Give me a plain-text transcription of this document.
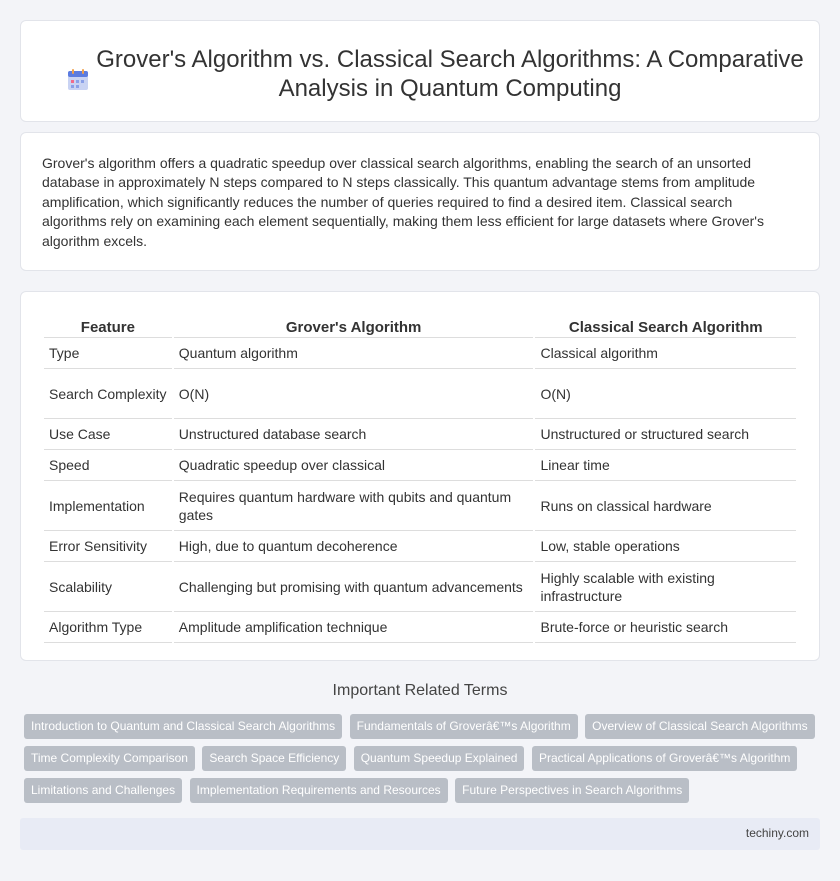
Grover's Algorithm vs. Classical Search Algorithms: A Comparative Analysis in Quantum Computing

Grover's algorithm offers a quadratic speedup over classical search algorithms, enabling the search of an unsorted database in approximately N steps compared to N steps classically. This quantum advantage stems from amplitude amplification, which significantly reduces the number of queries required to find a desired item. Classical search algorithms rely on examining each element sequentially, making them less efficient for large datasets where Grover's algorithm excels.

Feature	Grover's Algorithm	Classical Search Algorithm
Type	Quantum algorithm	Classical algorithm
Search Complexity	O(N)	O(N)
Use Case	Unstructured database search	Unstructured or structured search
Speed	Quadratic speedup over classical	Linear time
Implementation	Requires quantum hardware with qubits and quantum gates	Runs on classical hardware
Error Sensitivity	High, due to quantum decoherence	Low, stable operations
Scalability	Challenging but promising with quantum advancements	Highly scalable with existing infrastructure
Algorithm Type	Amplitude amplification technique	Brute-force or heuristic search
Important Related Terms
Introduction to Quantum and Classical Search Algorithms Fundamentals of Groverâ€™s Algorithm Overview of Classical Search Algorithms
Time Complexity Comparison Search Space Efficiency Quantum Speedup Explained Practical Applications of Groverâ€™s Algorithm
Limitations and Challenges Implementation Requirements and Resources Future Perspectives in Search Algorithms
techiny.com
